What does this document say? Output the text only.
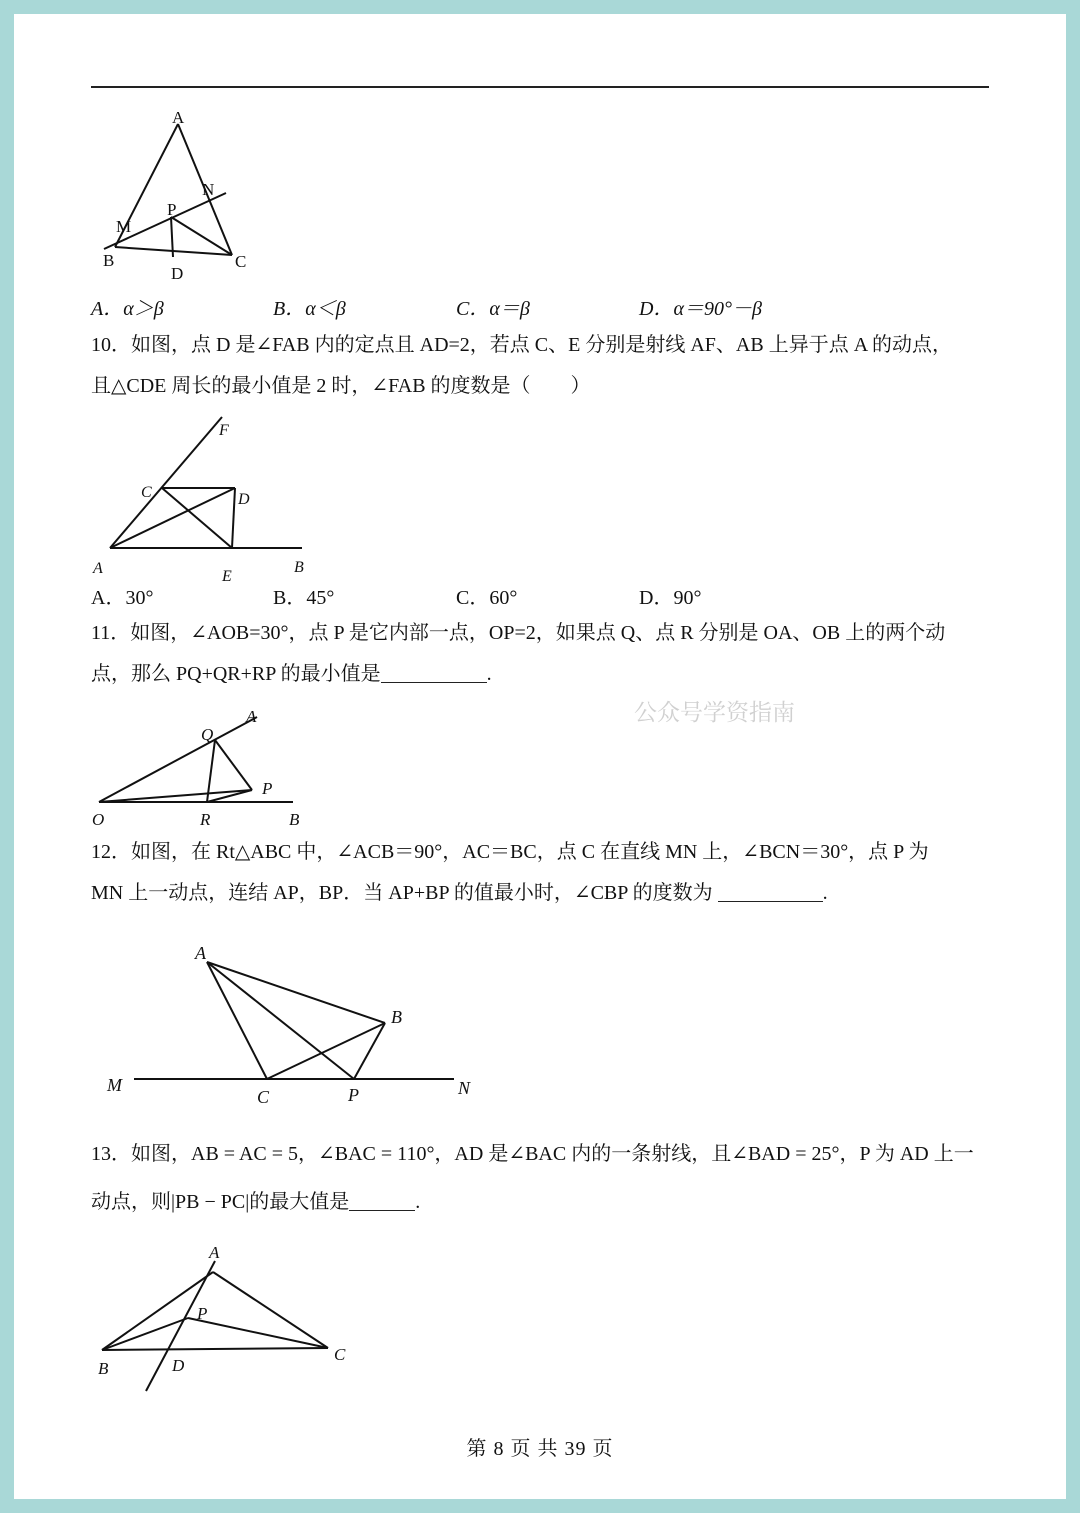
A
B	C
D
M
N
P
A．α＞β	B．α＜β	C．α＝β	D．α＝90°－β
10．如图，点 D 是∠FAB 内的定点且 AD=2，若点 C、E 分别是射线 AF、AB 上异于点 A 的动点，
且△CDE 周长的最小值是 2 时，∠FAB 的度数是（　　）
A	B
C	D
E
F
A．30°	B．45°	C．60°	D．90°
11．如图，∠AOB=30°，点 P 是它内部一点，OP=2，如果点 Q、点 R 分别是 OA、OB 上的两个动
点，那么 PQ+QR+RP 的最小值是	.
O
A
B
P
Q
R
公众号学资指南
12．如图，在 Rt△ABC 中，∠ACB＝90°，AC＝BC，点 C 在直线 MN 上，∠BCN＝30°，点 P 为
MN 上一动点，连结 AP，BP．当 AP+BP 的值最小时，∠CBP 的度数为	.
A
B
C	P
M	N
13．如图，AB = AC = 5，∠BAC = 110°，AD 是∠BAC 内的一条射线，且∠BAD = 25°，P 为 AD 上一
动点，则|PB − PC|的最大值是	.
A
B
C
D
P
第 8 页 共 39 页
